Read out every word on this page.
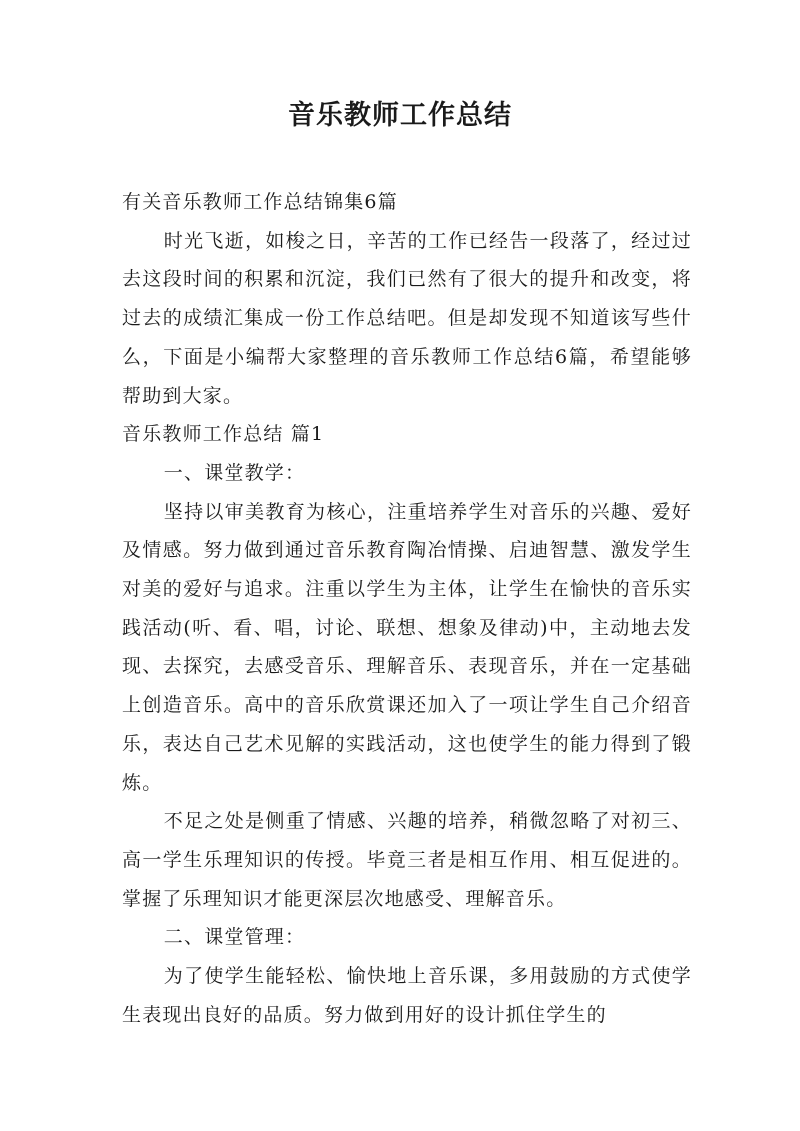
音乐教师工作总结

有关音乐教师工作总结锦集6篇

时光飞逝，如梭之日，辛苦的工作已经告一段落了，经过过去这段时间的积累和沉淀，我们已然有了很大的提升和改变，将过去的成绩汇集成一份工作总结吧。但是却发现不知道该写些什么，下面是小编帮大家整理的音乐教师工作总结6篇，希望能够帮助到大家。

音乐教师工作总结 篇1

一、课堂教学：

坚持以审美教育为核心，注重培养学生对音乐的兴趣、爱好及情感。努力做到通过音乐教育陶冶情操、启迪智慧、激发学生对美的爱好与追求。注重以学生为主体，让学生在愉快的音乐实践活动(听、看、唱，讨论、联想、想象及律动)中，主动地去发现、去探究，去感受音乐、理解音乐、表现音乐，并在一定基础上创造音乐。高中的音乐欣赏课还加入了一项让学生自己介绍音乐，表达自己艺术见解的实践活动，这也使学生的能力得到了锻炼。

不足之处是侧重了情感、兴趣的培养，稍微忽略了对初三、高一学生乐理知识的传授。毕竟三者是相互作用、相互促进的。掌握了乐理知识才能更深层次地感受、理解音乐。

二、课堂管理：

为了使学生能轻松、愉快地上音乐课，多用鼓励的方式使学生表现出良好的品质。努力做到用好的设计抓住学生的
